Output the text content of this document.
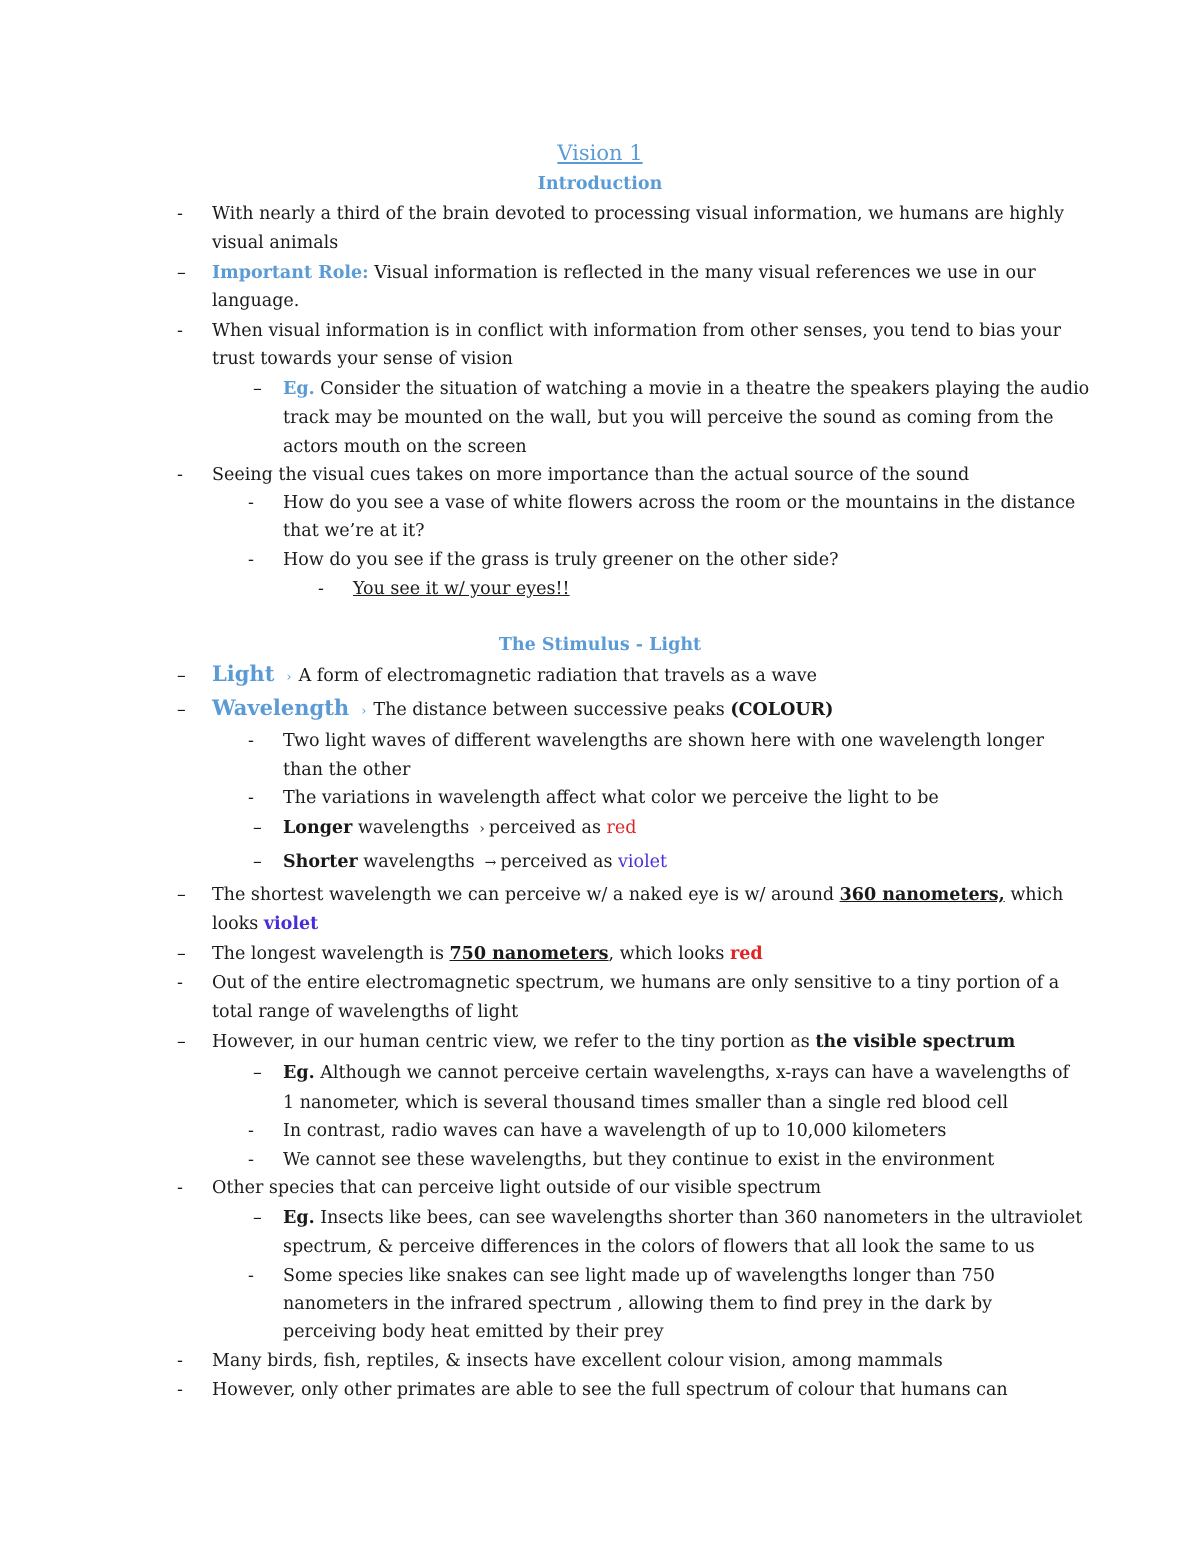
Vision 1
Introduction
- With nearly a third of the brain devoted to processing visual information, we humans are highly
visual animals
– Important Role: Visual information is reflected in the many visual references we use in our
language.
- When visual information is in conflict with information from other senses, you tend to bias your
trust towards your sense of vision
– Eg. Consider the situation of watching a movie in a theatre the speakers playing the audio
track may be mounted on the wall, but you will perceive the sound as coming from the
actors mouth on the screen
- Seeing the visual cues takes on more importance than the actual source of the sound
- How do you see a vase of white flowers across the room or the mountains in the distance
that we’re at it?
- How do you see if the grass is truly greener on the other side?
- You see it w/ your eyes!!
The Stimulus - Light
– Light › A form of electromagnetic radiation that travels as a wave
– Wavelength › The distance between successive peaks (COLOUR)
- Two light waves of different wavelengths are shown here with one wavelength longer
than the other
- The variations in wavelength affect what color we perceive the light to be
– Longer wavelengths › perceived as red
– Shorter wavelengths → perceived as violet
– The shortest wavelength we can perceive w/ a naked eye is w/ around 360 nanometers, which
looks violet
– The longest wavelength is 750 nanometers, which looks red
- Out of the entire electromagnetic spectrum, we humans are only sensitive to a tiny portion of a
total range of wavelengths of light
– However, in our human centric view, we refer to the tiny portion as the visible spectrum
– Eg. Although we cannot perceive certain wavelengths, x-rays can have a wavelengths of
1 nanometer, which is several thousand times smaller than a single red blood cell
- In contrast, radio waves can have a wavelength of up to 10,000 kilometers
- We cannot see these wavelengths, but they continue to exist in the environment
- Other species that can perceive light outside of our visible spectrum
– Eg. Insects like bees, can see wavelengths shorter than 360 nanometers in the ultraviolet
spectrum, & perceive differences in the colors of flowers that all look the same to us
- Some species like snakes can see light made up of wavelengths longer than 750
nanometers in the infrared spectrum , allowing them to find prey in the dark by
perceiving body heat emitted by their prey
- Many birds, fish, reptiles, & insects have excellent colour vision, among mammals
- However, only other primates are able to see the full spectrum of colour that humans can
